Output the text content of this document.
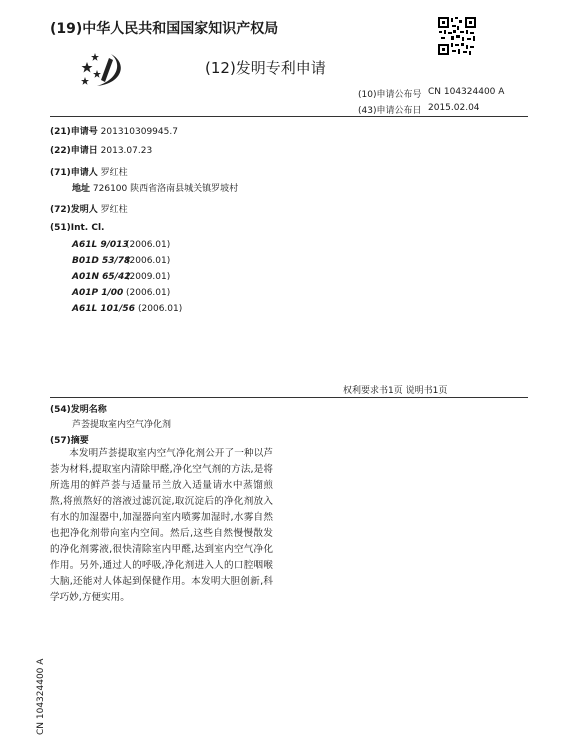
(19)中华人民共和国国家知识产权局
(12)发明专利申请
(10)申请公布号 CN 104324400 A
(43)申请公布日 2015.02.04
(21)申请号 201310309945.7
(22)申请日 2013.07.23
(71)申请人 罗红柱
地址 726100 陕西省洛南县城关镇罗坡村
(72)发明人 罗红柱
(51)Int. Cl.
A61L 9/013(2006.01)
B01D 53/78(2006.01)
A01N 65/42(2009.01)
A01P 1/00 (2006.01)
A61L 101/56 (2006.01)
权利要求书1页 说明书1页
(54)发明名称
芦荟提取室内空气净化剂
(57)摘要

本发明芦荟提取室内空气净化剂公开了一种以芦荟为材料,提取室内清除甲醛,净化空气剂的方法,是将所选用的鲜芦荟与适量吊兰放入适量请水中蒸馏煎熬,将煎熬好的溶液过滤沉淀,取沉淀后的净化剂放入有水的加湿器中,加湿器向室内喷雾加湿时,水雾自然也把净化剂带向室内空间。然后,这些自然慢慢散发的净化剂雾液,很快清除室内甲醛,达到室内空气净化作用。另外,通过人的呼吸,净化剂进入人的口腔咽喉大脑,还能对人体起到保健作用。本发明大胆创新,科学巧妙,方便实用。

CN 104324400 A
